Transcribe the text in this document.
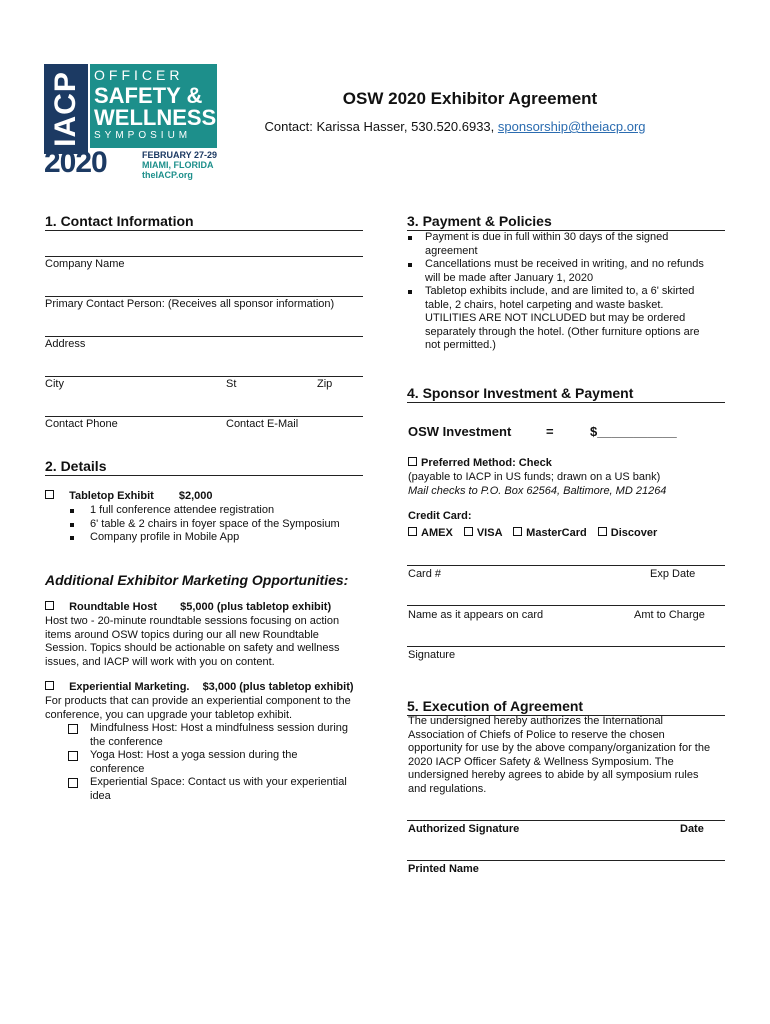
IACP OFFICER
SAFETY &
WELLNESS
SYMPOSIUM
2020	FEBRUARY 27-29
MIAMI, FLORIDA
theIACP.org
OSW 2020 Exhibitor Agreement
Contact: Karissa Hasser, 530.520.6933, sponsorship@theiacp.org
1. Contact Information
Company Name
Primary Contact Person: (Receives all sponsor information)
Address
City	St	Zip
Contact Phone	Contact E-Mail
2. Details
Tabletop Exhibit $2,000
1 full conference attendee registration
6' table & 2 chairs in foyer space of the Symposium
Company profile in Mobile App
Additional Exhibitor Marketing Opportunities:
Roundtable Host $5,000 (plus tabletop exhibit)
Host two - 20-minute roundtable sessions focusing on action
items around OSW topics during our all new Roundtable
Session. Topics should be actionable on safety and wellness
issues, and IACP will work with you on content.
Experiential Marketing. $3,000 (plus tabletop exhibit)
For products that can provide an experiential component to the
conference, you can upgrade your tabletop exhibit.
Mindfulness Host: Host a mindfulness session during
the conference
Yoga Host: Host a yoga session during the
conference
Experiential Space: Contact us with your experiential
idea
3. Payment & Policies
Payment is due in full within 30 days of the signed
agreement
Cancellations must be received in writing, and no refunds
will be made after January 1, 2020
Tabletop exhibits include, and are limited to, a 6' skirted
table, 2 chairs, hotel carpeting and waste basket.
UTILITIES ARE NOT INCLUDED but may be ordered
separately through the hotel. (Other furniture options are
not permitted.)
4. Sponsor Investment & Payment
OSW Investment	=	$___________
Preferred Method: Check
(payable to IACP in US funds; drawn on a US bank)
Mail checks to P.O. Box 62564, Baltimore, MD 21264
Credit Card:
AMEX VISA MasterCard Discover
Card #	Exp Date
Name as it appears on card	Amt to Charge
Signature
5. Execution of Agreement
The undersigned hereby authorizes the International
Association of Chiefs of Police to reserve the chosen
opportunity for use by the above company/organization for the
2020 IACP Officer Safety & Wellness Symposium. The
undersigned hereby agrees to abide by all symposium rules
and regulations.
Authorized Signature	Date
Printed Name
